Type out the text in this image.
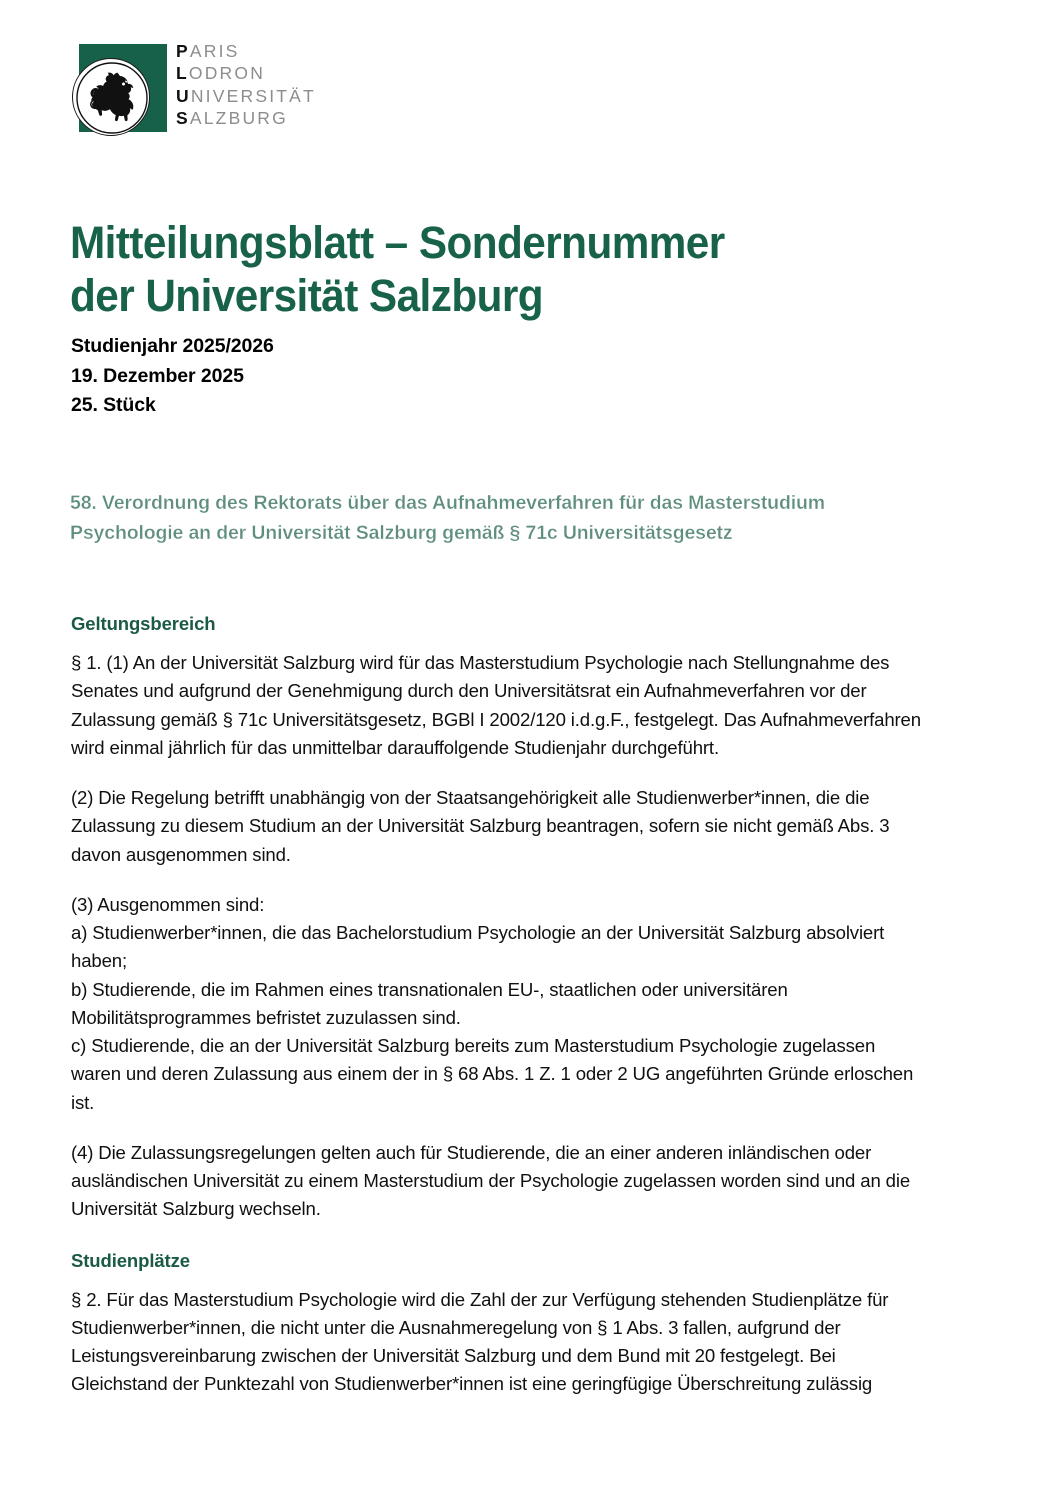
PARIS
LODRON
UNIVERSITÄT
SALZBURG
Mitteilungsblatt – Sondernummer
der Universität Salzburg
Studienjahr 2025/2026
19. Dezember 2025
25. Stück
58. Verordnung des Rektorats über das Aufnahmeverfahren für das Masterstudium
Psychologie an der Universität Salzburg gemäß § 71c Universitätsgesetz
Geltungsbereich

§ 1. (1) An der Universität Salzburg wird für das Masterstudium Psychologie nach Stellungnahme des Senates und aufgrund der Genehmigung durch den Universitätsrat ein Aufnahmeverfahren vor der Zulassung gemäß § 71c Universitätsgesetz, BGBl I 2002/120 i.d.g.F., festgelegt. Das Aufnahmeverfahren wird einmal jährlich für das unmittelbar darauffolgende Studienjahr durchgeführt.

(2) Die Regelung betrifft unabhängig von der Staatsangehörigkeit alle Studienwerber*innen, die die Zulassung zu diesem Studium an der Universität Salzburg beantragen, sofern sie nicht gemäß Abs. 3 davon ausgenommen sind.

(3) Ausgenommen sind:
a) Studienwerber*innen, die das Bachelorstudium Psychologie an der Universität Salzburg absolviert haben;
b) Studierende, die im Rahmen eines transnationalen EU-, staatlichen oder universitären Mobilitätsprogrammes befristet zuzulassen sind.
c) Studierende, die an der Universität Salzburg bereits zum Masterstudium Psychologie zugelassen waren und deren Zulassung aus einem der in § 68 Abs. 1 Z. 1 oder 2 UG angeführten Gründe erloschen ist.

(4) Die Zulassungsregelungen gelten auch für Studierende, die an einer anderen inländischen oder ausländischen Universität zu einem Masterstudium der Psychologie zugelassen worden sind und an die Universität Salzburg wechseln.

Studienplätze

§ 2. Für das Masterstudium Psychologie wird die Zahl der zur Verfügung stehenden Studienplätze für Studienwerber*innen, die nicht unter die Ausnahmeregelung von § 1 Abs. 3 fallen, aufgrund der Leistungsvereinbarung zwischen der Universität Salzburg und dem Bund mit 20 festgelegt. Bei Gleichstand der Punktezahl von Studienwerber*innen ist eine geringfügige Überschreitung zulässig
